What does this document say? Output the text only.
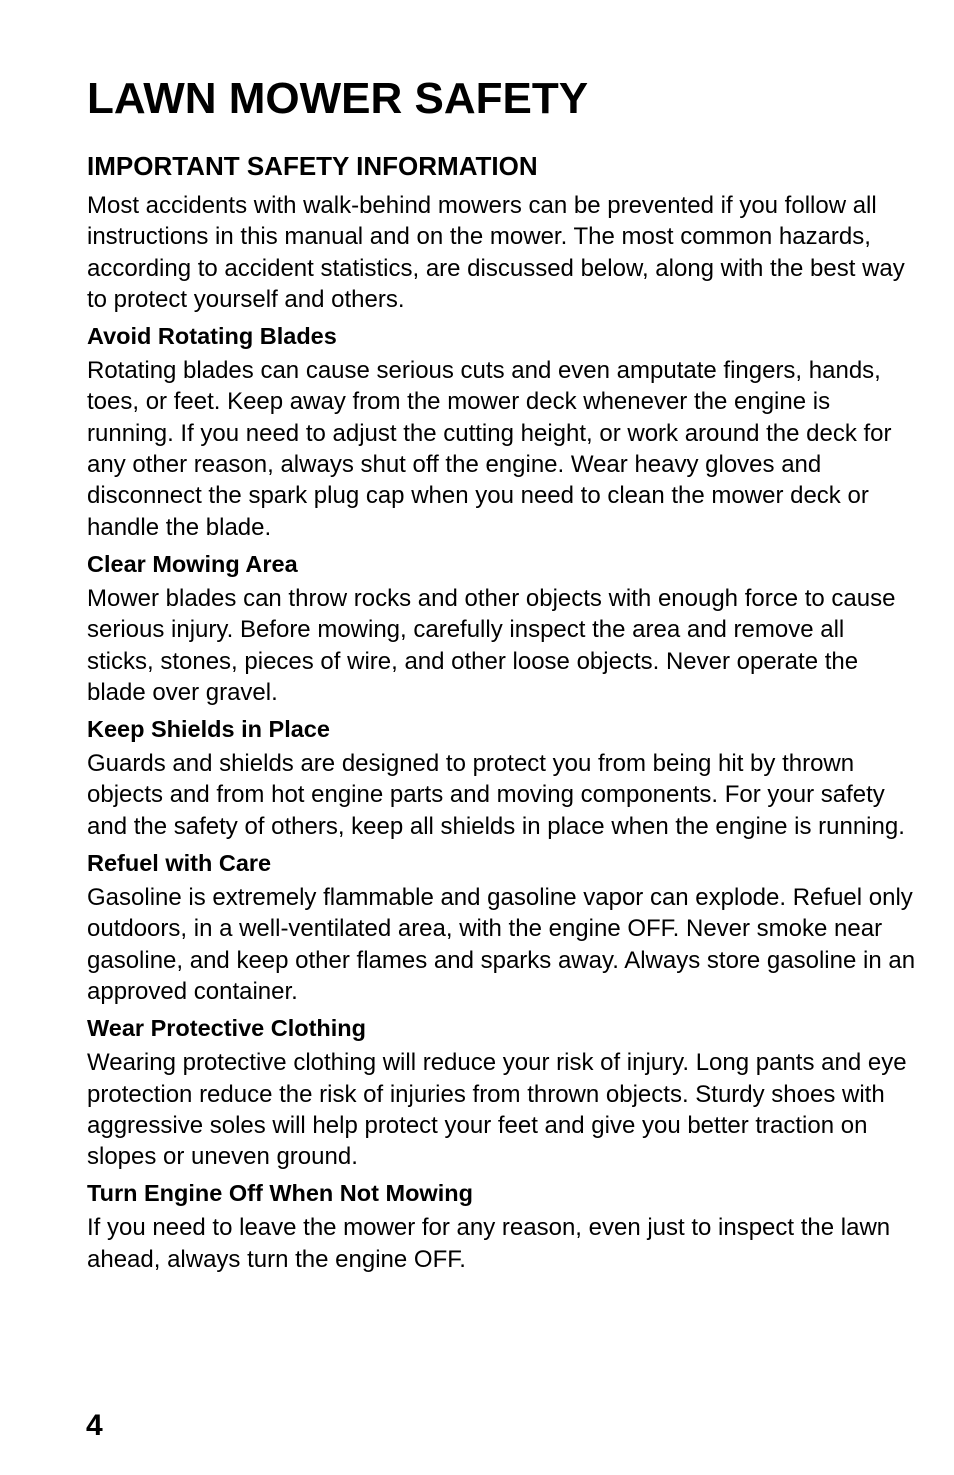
LAWN MOWER SAFETY
IMPORTANT SAFETY INFORMATION

Most accidents with walk-behind mowers can be prevented if you follow all instructions in this manual and on the mower. The most common hazards, according to accident statistics, are discussed below, along with the best way to protect yourself and others.

Avoid Rotating Blades

Rotating blades can cause serious cuts and even amputate fingers, hands, toes, or feet. Keep away from the mower deck whenever the engine is running. If you need to adjust the cutting height, or work around the deck for any other reason, always shut off the engine. Wear heavy gloves and disconnect the spark plug cap when you need to clean the mower deck or handle the blade.

Clear Mowing Area

Mower blades can throw rocks and other objects with enough force to cause serious injury. Before mowing, carefully inspect the area and remove all sticks, stones, pieces of wire, and other loose objects. Never operate the blade over gravel.

Keep Shields in Place

Guards and shields are designed to protect you from being hit by thrown objects and from hot engine parts and moving components. For your safety and the safety of others, keep all shields in place when the engine is running.

Refuel with Care

Gasoline is extremely flammable and gasoline vapor can explode. Refuel only outdoors, in a well-ventilated area, with the engine OFF. Never smoke near gasoline, and keep other flames and sparks away. Always store gasoline in an approved container.

Wear Protective Clothing

Wearing protective clothing will reduce your risk of injury. Long pants and eye protection reduce the risk of injuries from thrown objects. Sturdy shoes with aggressive soles will help protect your feet and give you better traction on slopes or uneven ground.

Turn Engine Off When Not Mowing

If you need to leave the mower for any reason, even just to inspect the lawn ahead, always turn the engine OFF.

4
